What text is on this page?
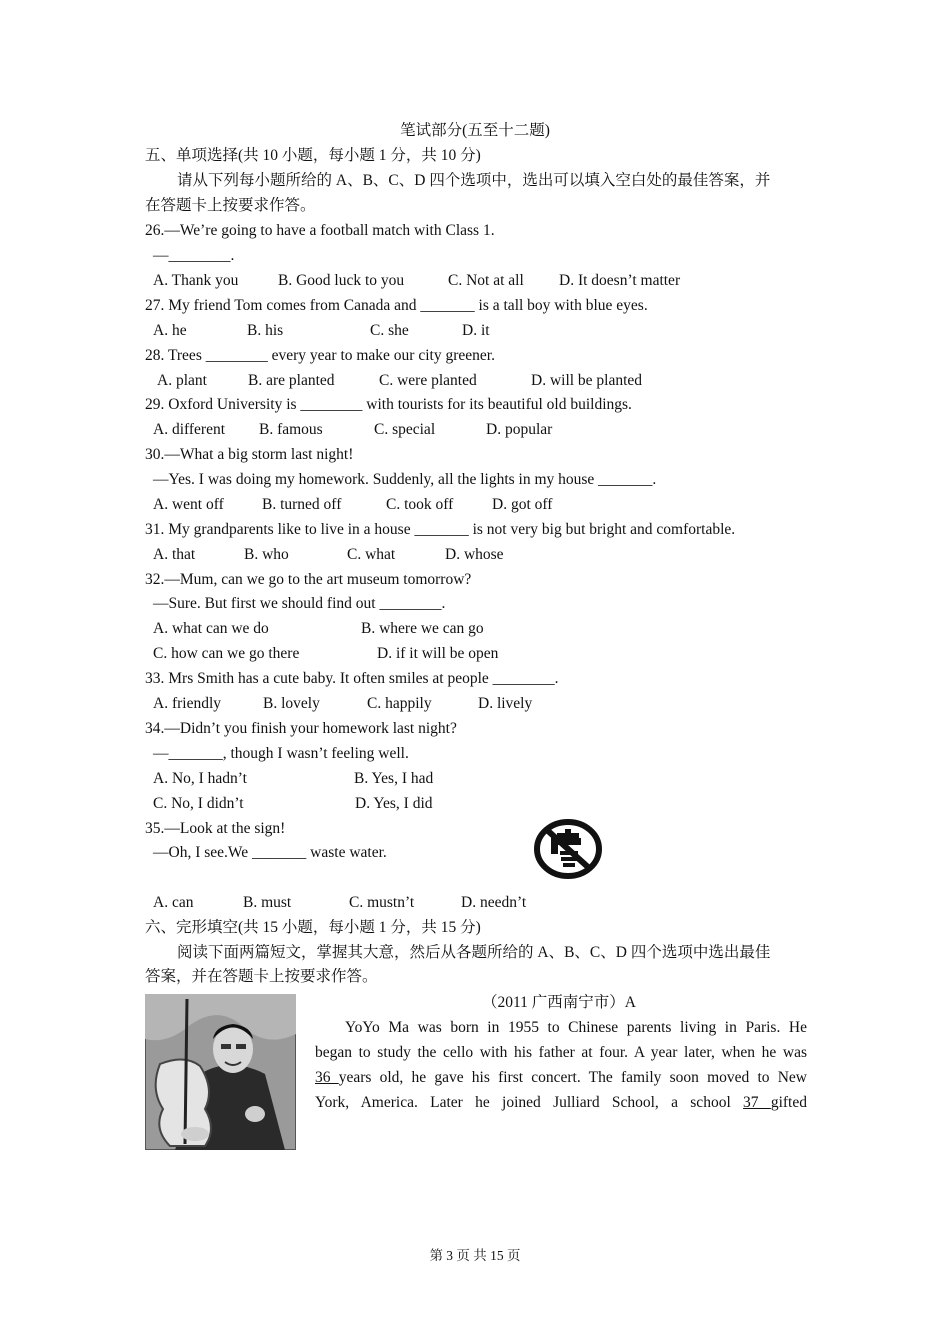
笔试部分(五至十二题)
五、单项选择(共 10 小题，每小题 1 分，共 10 分)
请从下列每小题所给的 A、B、C、D 四个选项中，选出可以填入空白处的最佳答案，并
在答题卡上按要求作答。
26.—We’re going to have a football match with Class 1.
—________.
A. Thank you	B. Good luck to you	C. Not at all D. It doesn’t matter
27. My friend Tom comes from Canada and _______ is a tall boy with blue eyes.
A. he	B. his	C. she	D. it
28. Trees ________ every year to make our city greener.
A. plant	B. are planted	C. were planted	D. will be planted
29. Oxford University is ________ with tourists for its beautiful old buildings.
A. different B. famous	C. special	D. popular
30.—What a big storm last night!
—Yes. I was doing my homework. Suddenly, all the lights in my house _______.
A. went off B. turned off	C. took off D. got off
31. My grandparents like to live in a house _______ is not very big but bright and comfortable.
A. that	B. who	C. what	D. whose
32.—Mum, can we go to the art museum tomorrow?
—Sure. But first we should find out ________.
A. what can we do	B. where we can go
C. how can we go there	D. if it will be open
33. Mrs Smith has a cute baby. It often smiles at people ________.
A. friendly	B. lovely	C. happily	D. lively
34.—Didn’t you finish your homework last night?
—_______, though I wasn’t feeling well.
A. No, I hadn’t	B. Yes, I had
C. No, I didn’t	D. Yes, I did
35.—Look at the sign!
—Oh, I see.We _______ waste water.
A. can	B. must	C. mustn’t	D. needn’t
六、完形填空(共 15 小题，每小题 1 分，共 15 分)
阅读下面两篇短文，掌握其大意，然后从各题所给的 A、B、C、D 四个选项中选出最佳
答案，并在答题卡上按要求作答。
（2011 广西南宁市）A
YoYo Ma was born in 1955 to Chinese parents living in Paris. He
began to study the cello with his father at four. A year later, when he was
36 years old, he gave his first concert. The family soon moved to New
York, America. Later he joined Julliard School, a school 37 gifted
第 3 页 共 15 页
